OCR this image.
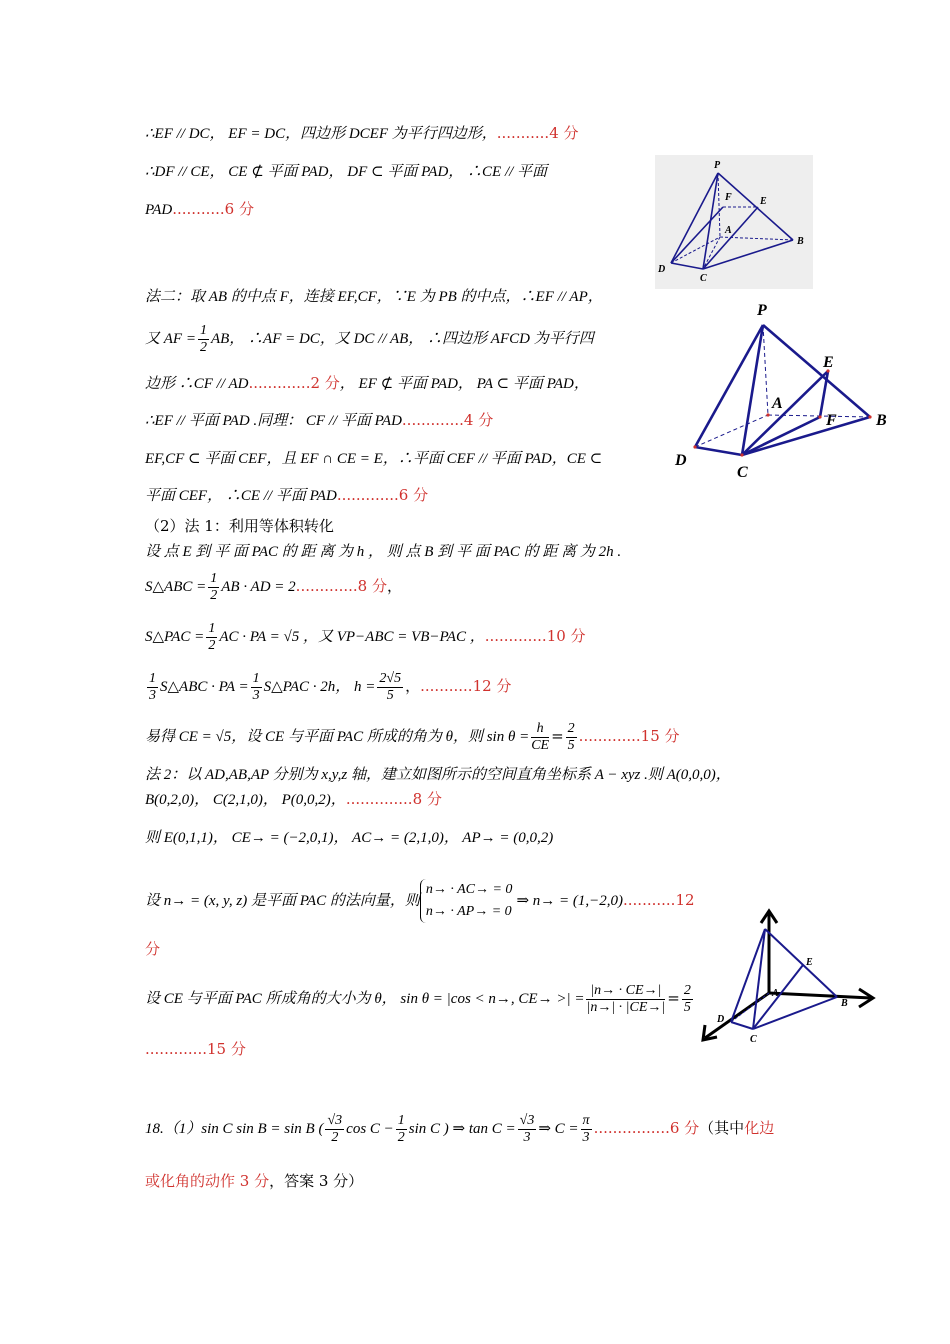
∴EF // DC， EF = DC，四边形 DCEF 为平行四边形，...........4 分
∴DF // CE， CE ⊄ 平面 PAD， DF ⊂ 平面 PAD， ∴CE // 平面
PAD...........6 分
法二：取 AB 的中点 F，连接 EF,CF，∵E 为 PB 的中点，∴EF // AP，
又 AF = $\frac{1}{2}$ AB， ∴AF = DC，又 DC // AB， ∴四边形 AFCD 为平行四
边形 ∴CF // AD.............2 分， EF ⊄ 平面 PAD， PA ⊂ 平面 PAD，
∴EF // 平面 PAD .同理： CF // 平面 PAD.............4 分
EF,CF ⊂ 平面 CEF，且 EF ∩ CE = E，∴平面 CEF // 平面 PAD，CE ⊂
平面 CEF， ∴CE // 平面 PAD.............6 分
（2）法 1：利用等体积转化
设 点 E 到 平 面 PAC 的 距 离 为 h ， 则 点 B 到 平 面 PAC 的 距 离 为 2h .
S△ABC = $\frac{1}{2}$ AB · AD = 2.............8 分，
S△PAC = $\frac{1}{2}$ AC · PA = √5 ，又 VP−ABC = VB−PAC ，.............10 分
$\frac{1}{3}$ S△ABC · PA = $\frac{1}{3}$ S△PAC · 2h， $h = \frac{2√5}{5}$ ，...........12 分
易得 CE = √5，设 CE 与平面 PAC 所成的角为 θ，则 $\sin \theta = \frac{h}{CE} = \frac{2}{5} .............15$ 分
法 2：以 AD,AB,AP 分别为 x,y,z 轴，建立如图所示的空间直角坐标系 A − xyz .则 A(0,0,0)，
B(0,2,0)， C(2,1,0)， P(0,0,2)，..............8 分
则 E(0,1,1)， CE→ = (−2,0,1)， AC→ = (2,1,0)， AP→ = (0,0,2)
设 n→ = (x, y, z) 是平面 PAC 的法向量，则
n→ · AC→ = 0
n→ · AP→ = 0
⇒ n→ = (1,−2,0)...........12
分
设 CE 与平面 PAC 所成角的大小为 θ， sin θ = |cos < n→, CE→ >| = $\frac{|n\to \cdot CE\to|}{|n\to| \cdot |CE\to|} = \frac{2}{5}$
.............15 分
18.（1）sin C sin B = sin B ( $\frac{√3}{2}$ $\cos C - \frac{1}{2}$ sin C ) ⇒ $\tan C = \frac{√3}{3}$ ⇒ $C = \frac{\pi}{3} ................6$ 分（其中化边
或化角的动作 3 分，答案 3 分）
P
A
B
C
D
E
F
P
A
B
C
D
E
F
A
B
C
D
E
